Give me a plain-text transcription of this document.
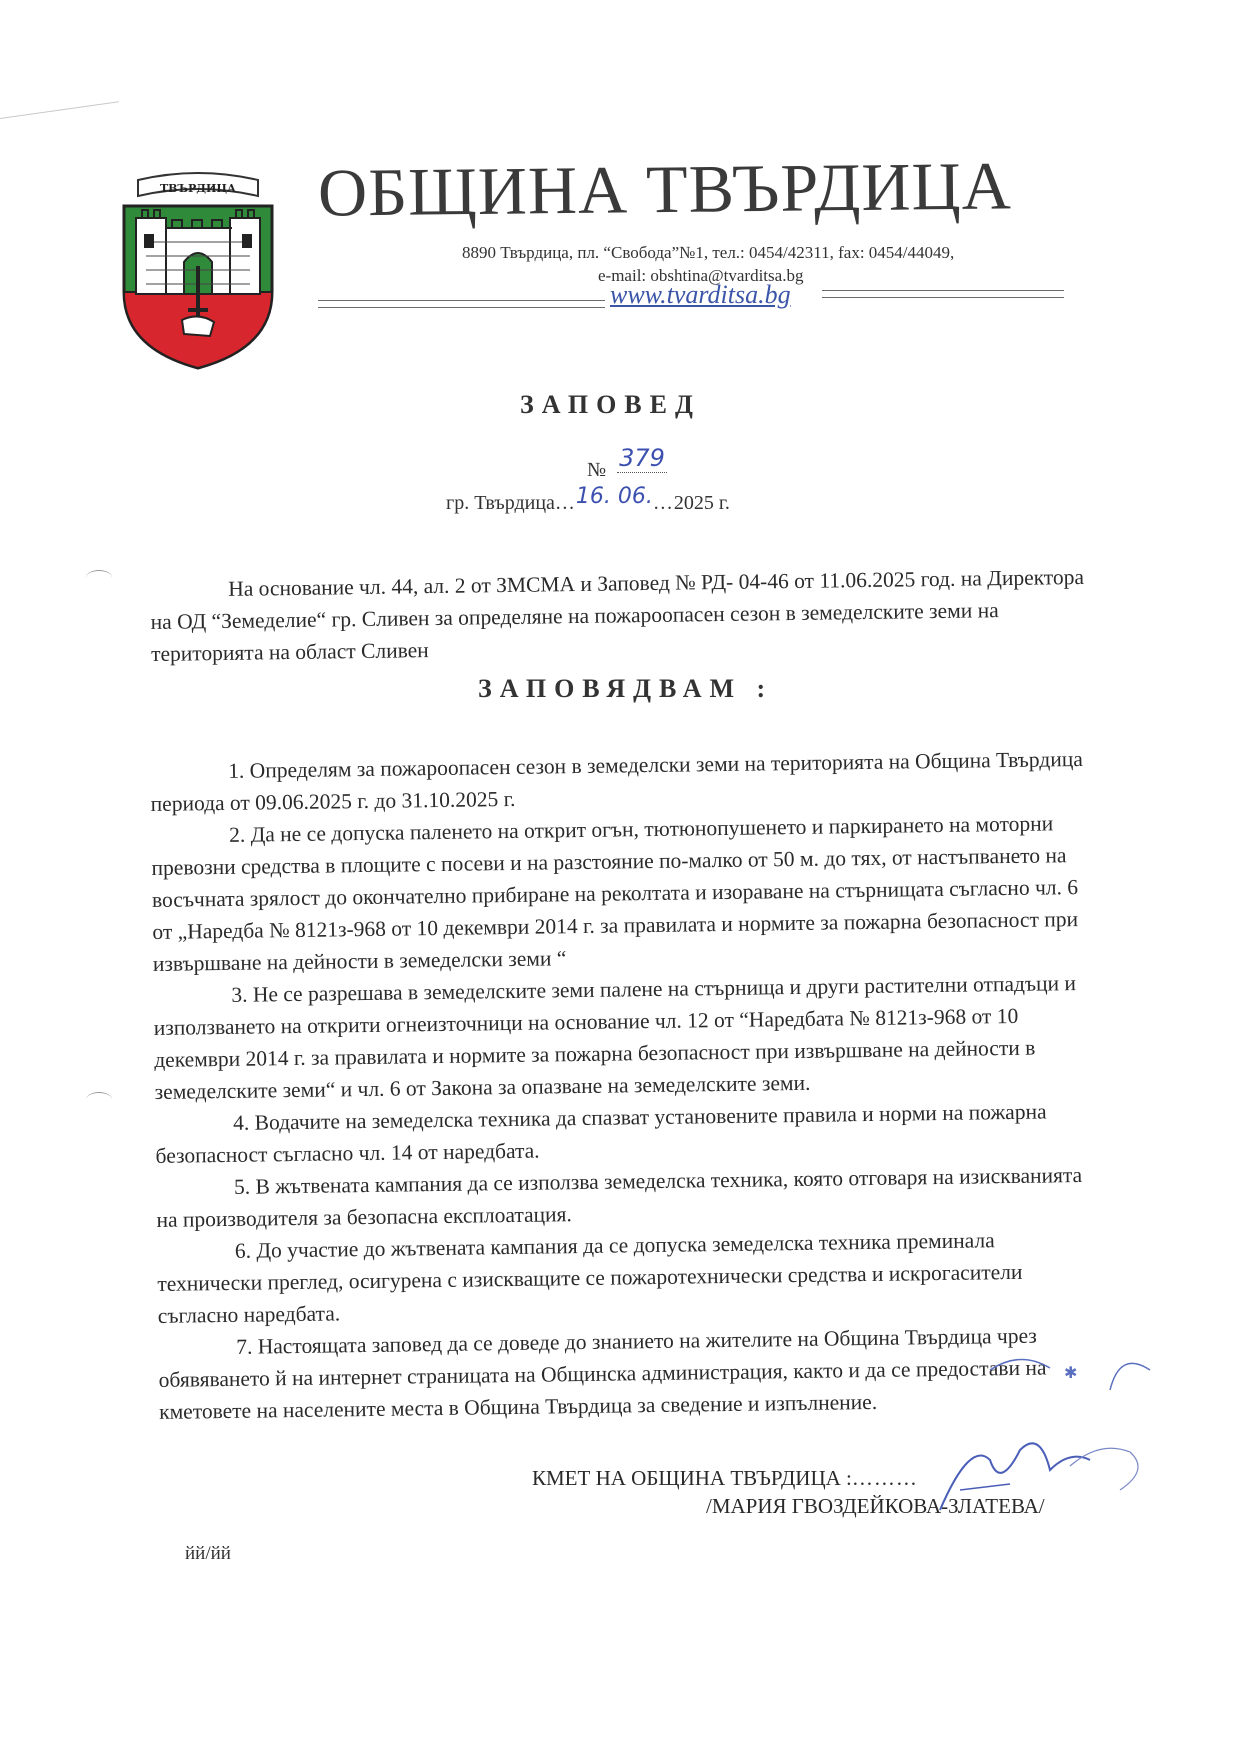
ТВЪРДИЦА ОБЩИНА ТВЪРДИЦА
8890 Твърдица, пл. “Свобода”№1, тел.: 0454/42311, fax: 0454/44049,
e-mail: obshtina@tvarditsa.bg
www.tvarditsa.bg
ЗАПОВЕД
№ 379
гр. Твърдица…16. 06.…2025 г.

На основание чл. 44, ал. 2 от ЗМСМА и Заповед № РД- 04-46 от 11.06.2025 год. на Директора на ОД “Земеделие“ гр. Сливен за определяне на пожароопасен сезон в земеделските земи на територията на област Сливен

ЗАПОВЯДВАМ :

1. Определям за пожароопасен сезон в земеделски земи на територията на Община Твърдица периода от 09.06.2025 г. до 31.10.2025 г.

2. Да не се допуска паленето на открит огън, тютюнопушенето и паркирането на моторни превозни средства в площите с посеви и на разстояние по-малко от 50 м. до тях, от настъпването на восъчната зрялост до окончателно прибиране на реколтата и изораване на стърнищата съгласно чл. 6 от „Наредба № 8121з-968 от 10 декември 2014 г. за правилата и нормите за пожарна безопасност при извършване на дейности в земеделски земи “

3. Не се разрешава в земеделските земи палене на стърнища и други растителни отпадъци и използването на открити огнеизточници на основание чл. 12 от “Наредбата № 8121з-968 от 10 декември 2014 г. за правилата и нормите за пожарна безопасност при извършване на дейности в земеделските земи“ и чл. 6 от Закона за опазване на земеделските земи.

4. Водачите на земеделска техника да спазват установените правила и норми на пожарна безопасност съгласно чл. 14 от наредбата.

5. В жътвената кампания да се използва земеделска техника, която отговаря на изискванията на производителя за безопасна експлоатация.

6. До участие до жътвената кампания да се допуска земеделска техника преминала технически преглед, осигурена с изискващите се пожаротехнически средства и искрогасители съгласно наредбата.

7. Настоящата заповед да се доведе до знанието на жителите на Община Твърдица чрез обявяването й на интернет страницата на Общинска администрация, както и да се предостави на кметовете на населените места в Община Твърдица за сведение и изпълнение.

✱
КМЕТ НА ОБЩИНА ТВЪРДИЦА :………
/МАРИЯ ГВОЗДЕЙКОВА-ЗЛАТЕВА/
йй/йй
